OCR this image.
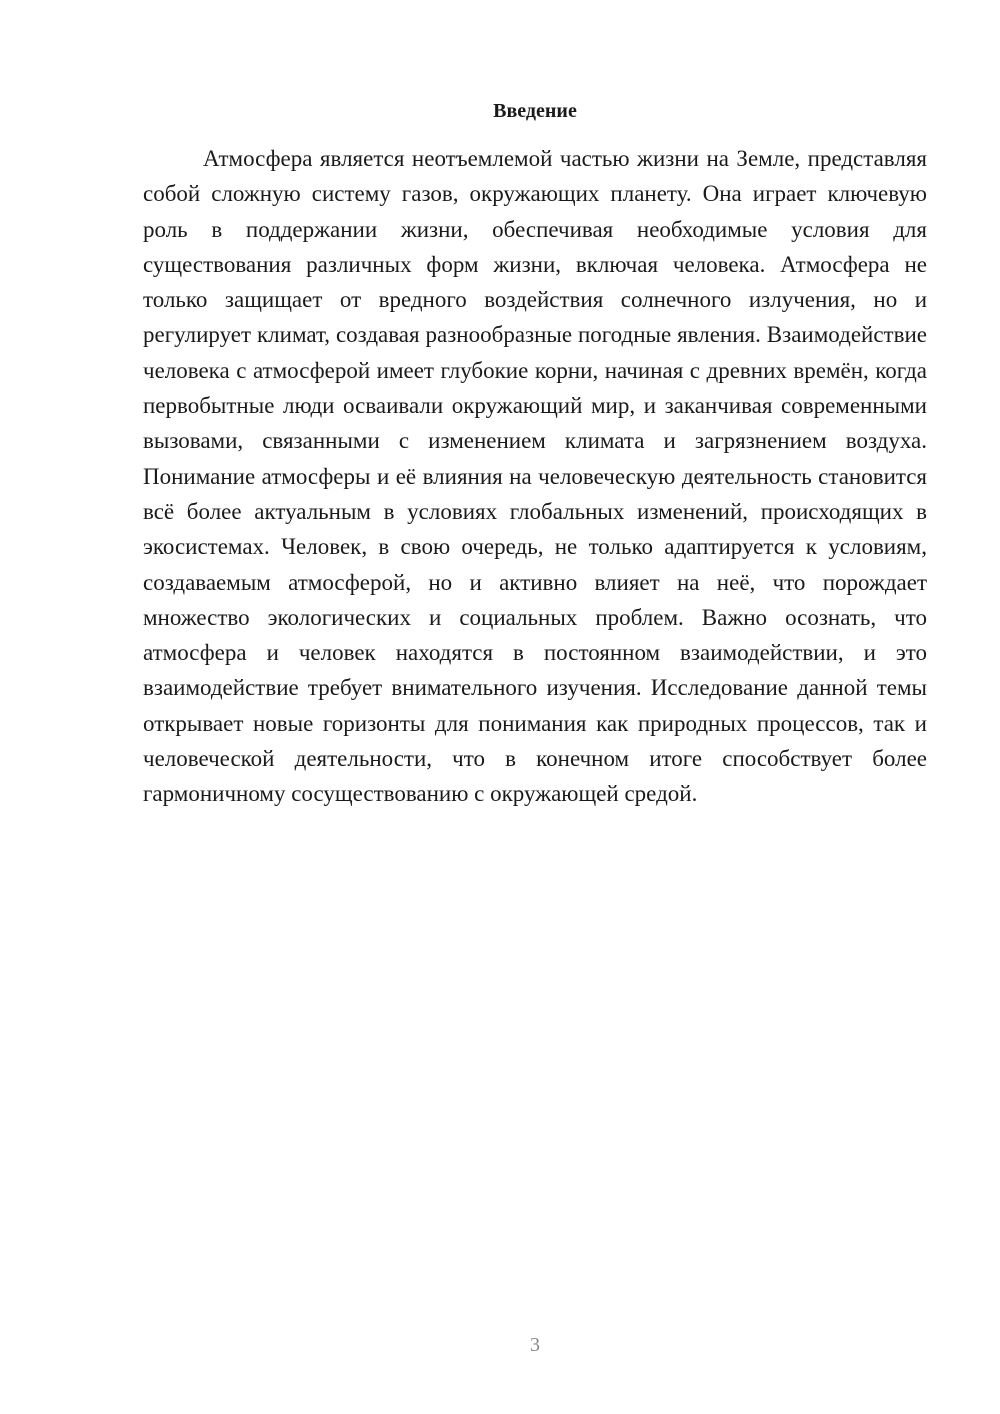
Введение

Атмосфера является неотъемлемой частью жизни на Земле, представляя собой сложную систему газов, окружающих планету. Она играет ключевую роль в поддержании жизни, обеспечивая необходимые условия для существования различных форм жизни, включая человека. Атмосфера не только защищает от вредного воздействия солнечного излучения, но и регулирует климат, создавая разнообразные погодные явления. Взаимодействие человека с атмосферой имеет глубокие корни, начиная с древних времён, когда первобытные люди осваивали окружающий мир, и заканчивая современными вызовами, связанными с изменением климата и загрязнением воздуха. Понимание атмосферы и её влияния на человеческую деятельность становится всё более актуальным в условиях глобальных изменений, происходящих в экосистемах. Человек, в свою очередь, не только адаптируется к условиям, создаваемым атмосферой, но и активно влияет на неё, что порождает множество экологических и социальных проблем. Важно осознать, что атмосфера и человек находятся в постоянном взаимодействии, и это взаимодействие требует внимательного изучения. Исследование данной темы открывает новые горизонты для понимания как природных процессов, так и человеческой деятельности, что в конечном итоге способствует более гармоничному сосуществованию с окружающей средой.

3
